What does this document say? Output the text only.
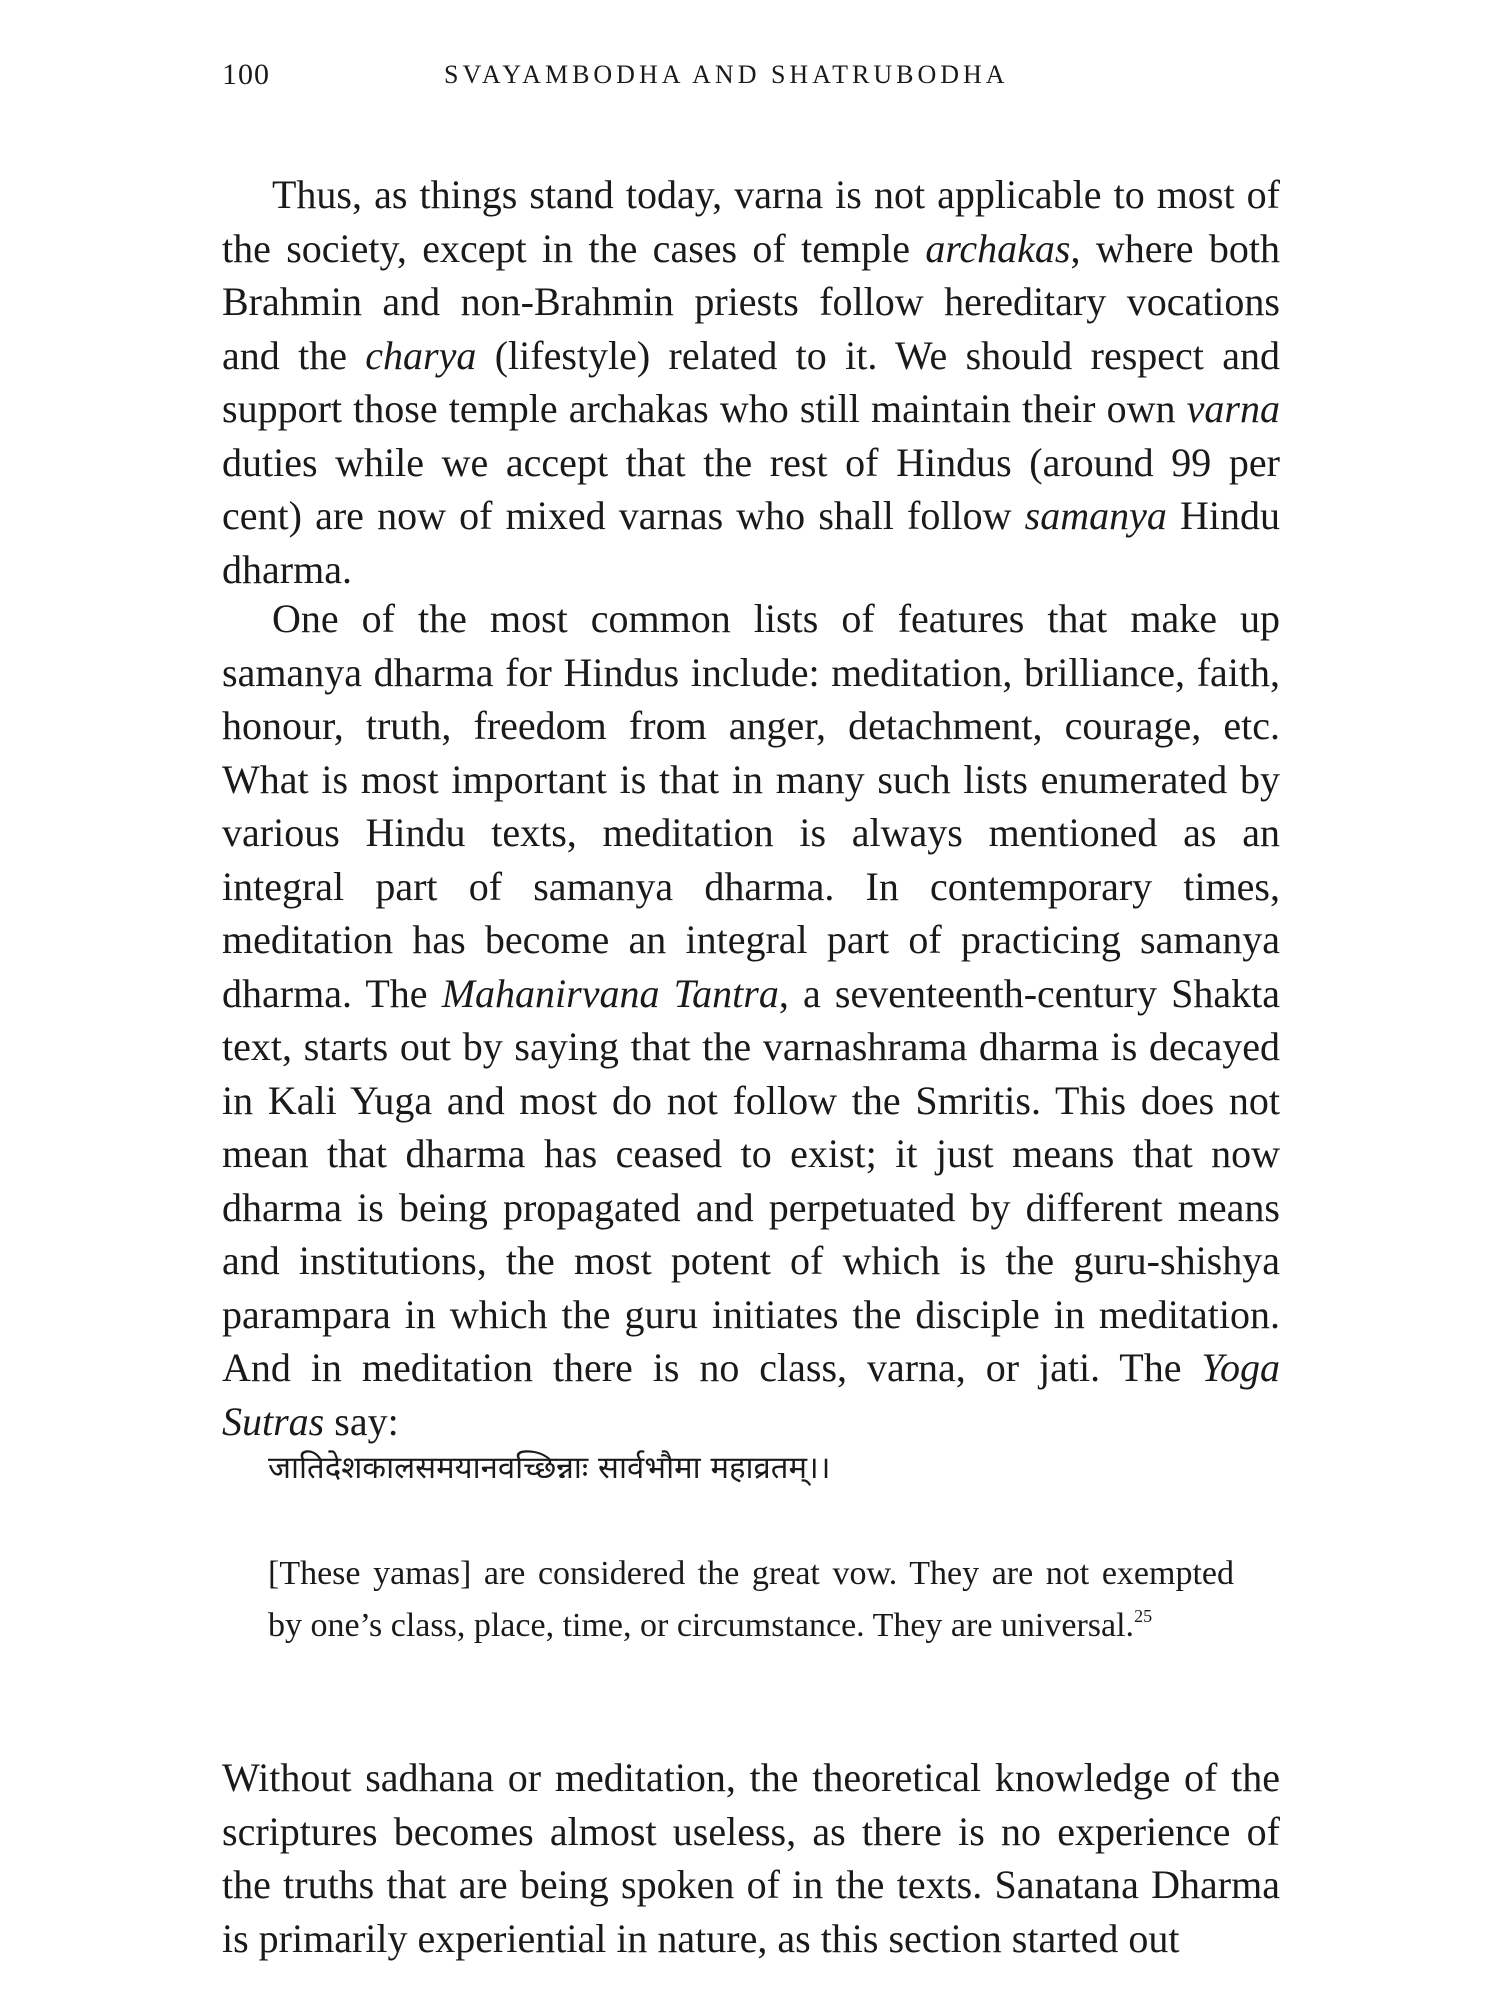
100	SVAYAMBODHA AND SHATRUBODHA

Thus, as things stand today, varna is not applicable to most of the society, except in the cases of temple archakas, where both Brahmin and non-Brahmin priests follow hereditary vocations and the charya (lifestyle) related to it. We should respect and support those temple archakas who still maintain their own varna duties while we accept that the rest of Hindus (around 99 per cent) are now of mixed varnas who shall follow samanya Hindu dharma.

One of the most common lists of features that make up samanya dharma for Hindus include: meditation, brilliance, faith, honour, truth, freedom from anger, detachment, courage, etc. What is most important is that in many such lists enumerated by various Hindu texts, meditation is always mentioned as an integral part of samanya dharma. In contemporary times, meditation has become an integral part of practicing samanya dharma. The Mahanirvana Tantra, a seventeenth-century Shakta text, starts out by saying that the varnashrama dharma is decayed in Kali Yuga and most do not follow the Smritis. This does not mean that dharma has ceased to exist; it just means that now dharma is being propagated and perpetuated by different means and institutions, the most potent of which is the guru-shishya parampara in which the guru initiates the disciple in meditation. And in meditation there is no class, varna, or jati. The Yoga Sutras say:

जातिदेशकालसमयानवच्छिन्नाः सार्वभौमा महाव्रतम्।।

[These yamas] are considered the great vow. They are not exempted by one’s class, place, time, or circumstance. They are universal.$^{25}$

Without sadhana or meditation, the theoretical knowledge of the scriptures becomes almost useless, as there is no experience of the truths that are being spoken of in the texts. Sanatana Dharma is primarily experiential in nature, as this section started out
